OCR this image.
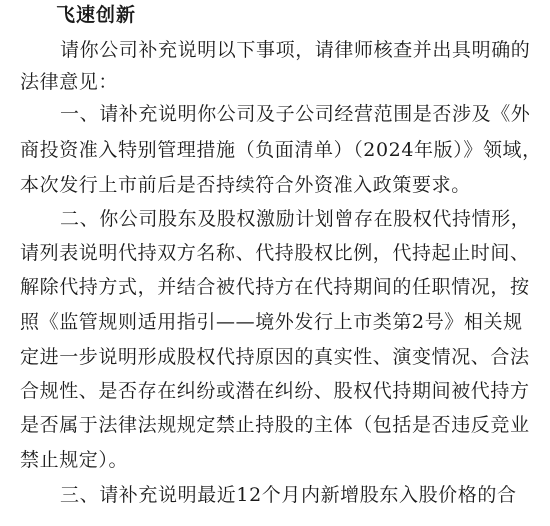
飞速创新
请你公司补充说明以下事项，请律师核查并出具明确的
法律意见：
一、请补充说明你公司及子公司经营范围是否涉及《外
商投资准入特别管理措施（负面清单）（2024年版）》领域，
本次发行上市前后是否持续符合外资准入政策要求。
二、你公司股东及股权激励计划曾存在股权代持情形，
请列表说明代持双方名称、代持股权比例，代持起止时间、
解除代持方式，并结合被代持方在代持期间的任职情况，按
照《监管规则适用指引——境外发行上市类第2号》相关规
定进一步说明形成股权代持原因的真实性、演变情况、合法
合规性、是否存在纠纷或潜在纠纷、股权代持期间被代持方
是否属于法律法规规定禁止持股的主体（包括是否违反竞业
禁止规定）。
三、请补充说明最近12个月内新增股东入股价格的合
